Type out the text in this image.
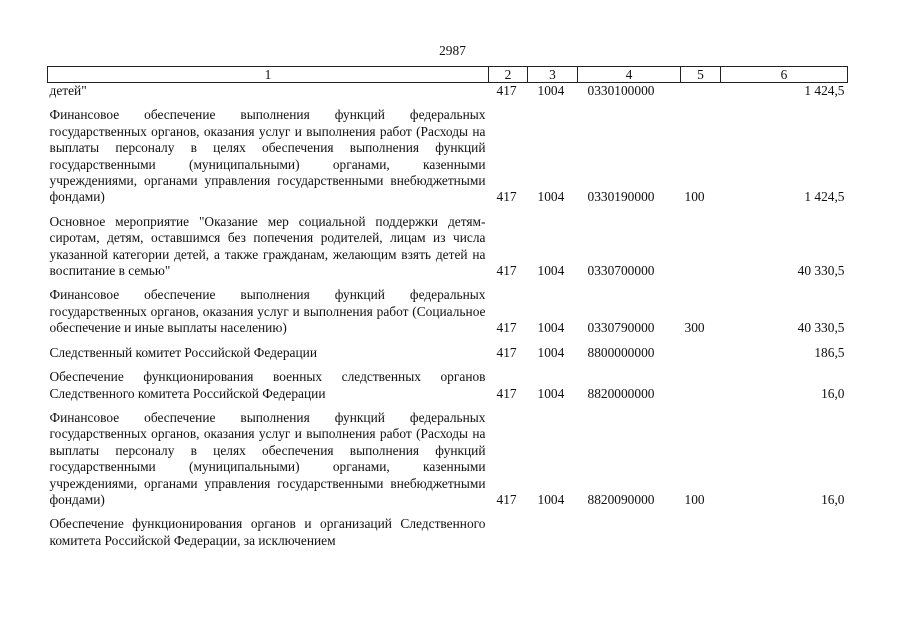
2987
1	2	3	4	5	6
детей"	417	1004	0330100000		1 424,5

Финансовое обеспечение выполнения функций федеральных государственных органов, оказания услуг и выполнения работ (Расходы на выплаты персоналу в целях обеспечения выполнения функций государственными (муниципальными) органами, казенными учреждениями, органами управления государственными внебюджетными фондами)	417	1004	0330190000	100	1 424,5

Основное мероприятие "Оказание мер социальной поддержки детям-сиротам, детям, оставшимся без попечения родителей, лицам из числа указанной категории детей, а также гражданам, желающим взять детей на воспитание в семью"	417	1004	0330700000		40 330,5

Финансовое обеспечение выполнения функций федеральных государственных органов, оказания услуг и выполнения работ (Социальное обеспечение и иные выплаты населению)	417	1004	0330790000	300	40 330,5

Следственный комитет Российской Федерации	417	1004	8800000000		186,5

Обеспечение функционирования военных следственных органов Следственного комитета Российской Федерации	417	1004	8820000000		16,0

Финансовое обеспечение выполнения функций федеральных государственных органов, оказания услуг и выполнения работ (Расходы на выплаты персоналу в целях обеспечения выполнения функций государственными (муниципальными) органами, казенными учреждениями, органами управления государственными внебюджетными фондами)	417	1004	8820090000	100	16,0

Обеспечение функционирования органов и организаций Следственного комитета Российской Федерации, за исключением					
